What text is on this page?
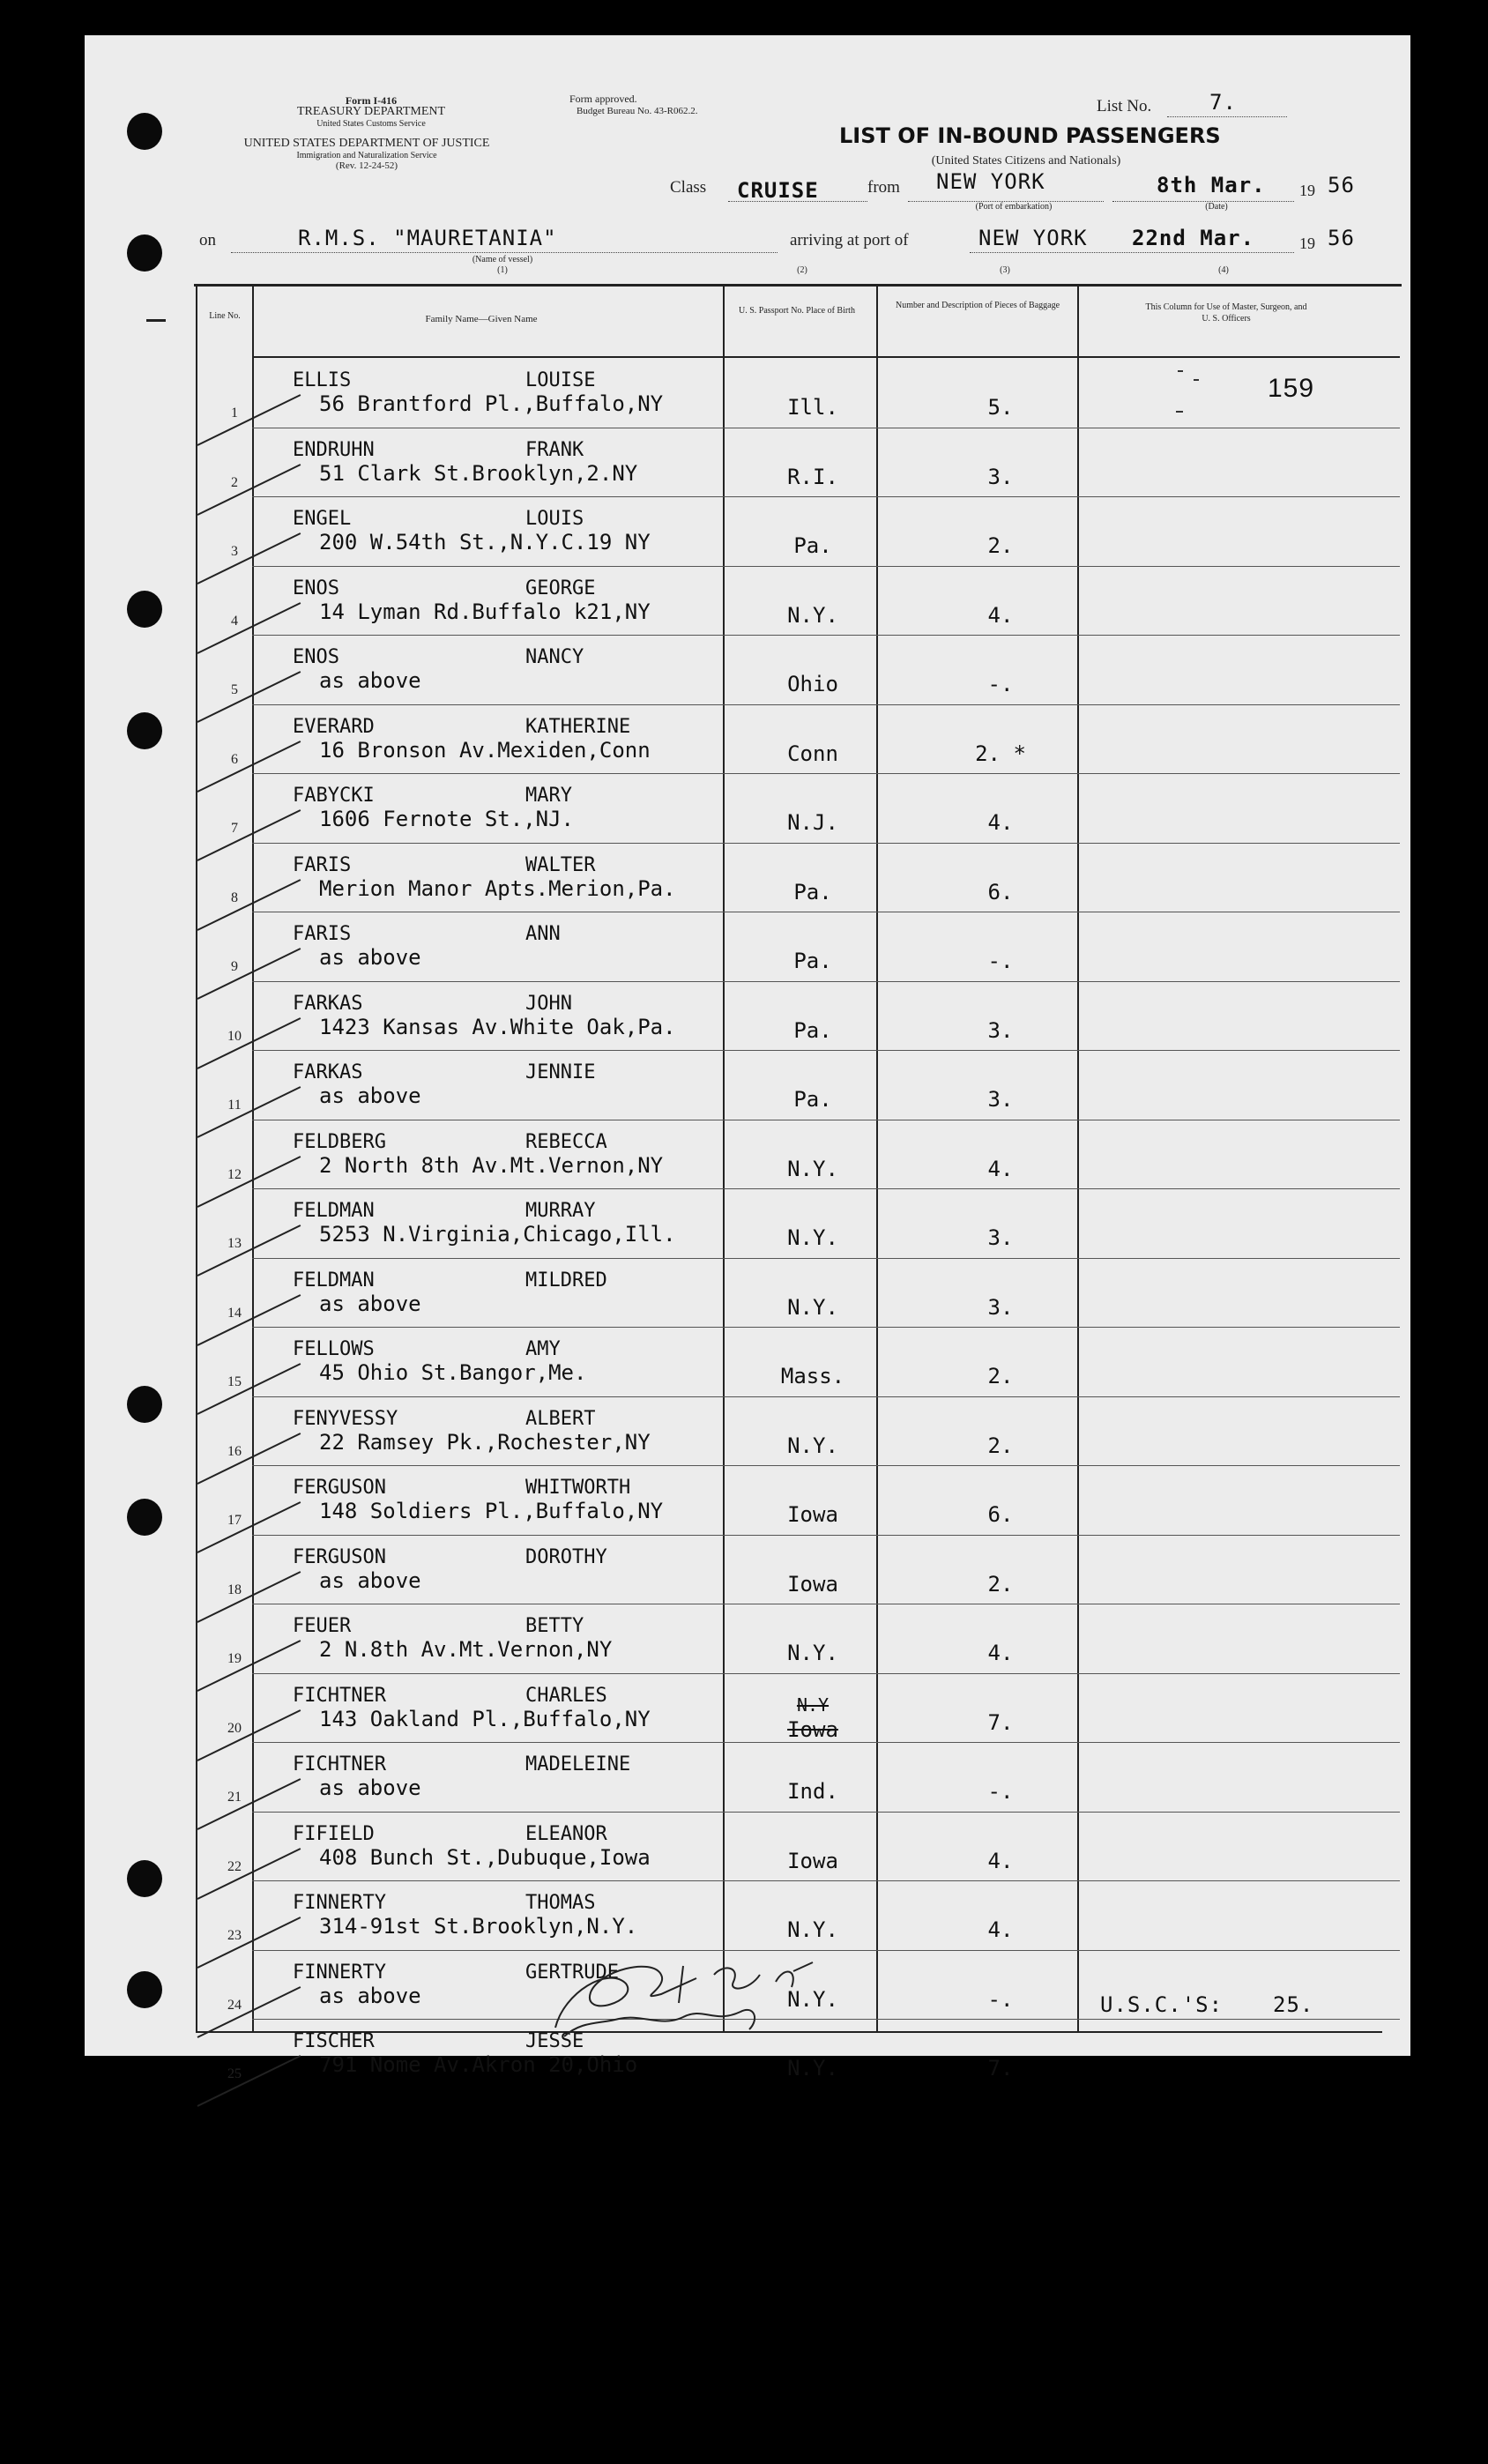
Form I-416
TREASURY DEPARTMENT
United States Customs Service
UNITED STATES DEPARTMENT OF JUSTICE
Immigration and Naturalization Service
(Rev. 12-24-52)
Form approved.
Budget Bureau No. 43-R062.2.	List No.	7.
LIST OF IN-BOUND PASSENGERS
(United States Citizens and Nationals)
Class CRUISE	from NEW YORK
(Port of embarkation)
8th Mar.
(Date)
19 56
on	R.M.S. "MAURETANIA"
(Name of vessel)
(1)
arriving at port of	NEW YORK 22nd Mar.	19 56
(2)	(3)	(4)
Line No.	Family Name—Given Name
U. S. Passport No. Place of Birth
Number and Description of Pieces of Baggage	This Column for Use of Master, Surgeon, and U. S. Officers
159
1
ELLIS	LOUISE
56 Brantford Pl.,Buffalo,NY	Ill.	5.
2
ENDRUHN	FRANK
51 Clark St.Brooklyn,2.NY	R.I.	3.
3
ENGEL	LOUIS
200 W.54th St.,N.Y.C.19 NY	Pa.	2.
4
ENOS	GEORGE
14 Lyman Rd.Buffalo k21,NY	N.Y.	4.
5
ENOS	NANCY
as above	Ohio	-.
6
EVERARD	KATHERINE
16 Bronson Av.Mexiden,Conn	Conn	2. *
7
FABYCKI	MARY
1606 Fernote St.,NJ.	N.J.	4.
8
FARIS	WALTER
Merion Manor Apts.Merion,Pa.	Pa.	6.
9
FARIS	ANN
as above	Pa.	-.
10
FARKAS	JOHN
1423 Kansas Av.White Oak,Pa.	Pa.	3.
11
FARKAS	JENNIE
as above	Pa.	3.
12
FELDBERG	REBECCA
2 North 8th Av.Mt.Vernon,NY	N.Y.	4.
13
FELDMAN	MURRAY
5253 N.Virginia,Chicago,Ill.	N.Y.	3.
14
FELDMAN	MILDRED
as above	N.Y.	3.
15
FELLOWS	AMY
45 Ohio St.Bangor,Me.	Mass.	2.
16
FENYVESSY	ALBERT
22 Ramsey Pk.,Rochester,NY	N.Y.	2.
17
FERGUSON	WHITWORTH
148 Soldiers Pl.,Buffalo,NY	Iowa	6.
18
FERGUSON	DOROTHY
as above	Iowa	2.
19
FEUER	BETTY
2 N.8th Av.Mt.Vernon,NY	N.Y.	4.
20
FICHTNER	CHARLES
143 Oakland Pl.,Buffalo,NY
N.Y
Iowa	7.
21
FICHTNER	MADELEINE
as above	Ind.	-.
22
FIFIELD	ELEANOR
408 Bunch St.,Dubuque,Iowa	Iowa	4.
23
FINNERTY	THOMAS
314-91st St.Brooklyn,N.Y.	N.Y.	4.
24
FINNERTY	GERTRUDE
as above	N.Y.	-.
25
FISCHER	JESSE
791 Nome Av.Akron 20,Ohio	N.Y.	7.
U.S.C.'S: 25.
